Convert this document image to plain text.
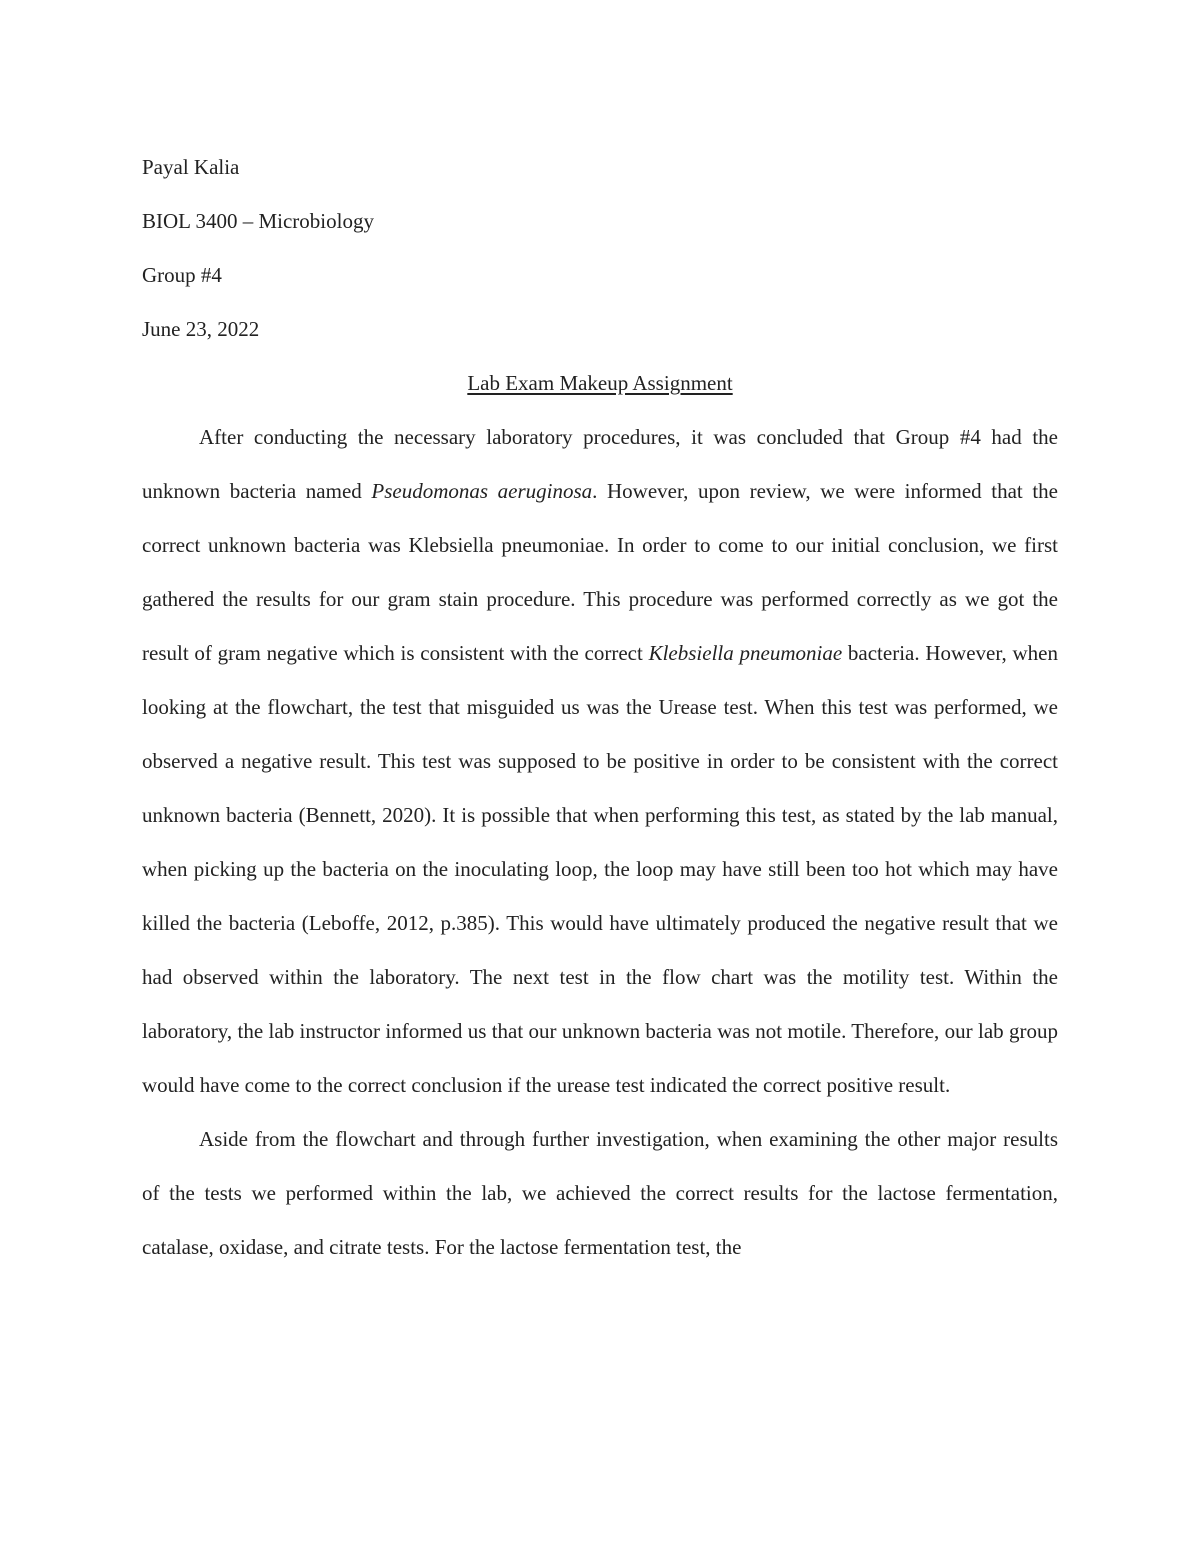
Payal Kalia
BIOL 3400 – Microbiology
Group #4
June 23, 2022
Lab Exam Makeup Assignment

After conducting the necessary laboratory procedures, it was concluded that Group #4 had the unknown bacteria named Pseudomonas aeruginosa. However, upon review, we were informed that the correct unknown bacteria was Klebsiella pneumoniae. In order to come to our initial conclusion, we first gathered the results for our gram stain procedure. This procedure was performed correctly as we got the result of gram negative which is consistent with the correct Klebsiella pneumoniae bacteria. However, when looking at the flowchart, the test that misguided us was the Urease test. When this test was performed, we observed a negative result. This test was supposed to be positive in order to be consistent with the correct unknown bacteria (Bennett, 2020). It is possible that when performing this test, as stated by the lab manual, when picking up the bacteria on the inoculating loop, the loop may have still been too hot which may have killed the bacteria (Leboffe, 2012, p.385). This would have ultimately produced the negative result that we had observed within the laboratory. The next test in the flow chart was the motility test. Within the laboratory, the lab instructor informed us that our unknown bacteria was not motile. Therefore, our lab group would have come to the correct conclusion if the urease test indicated the correct positive result.

Aside from the flowchart and through further investigation, when examining the other major results of the tests we performed within the lab, we achieved the correct results for the lactose fermentation, catalase, oxidase, and citrate tests. For the lactose fermentation test, the
